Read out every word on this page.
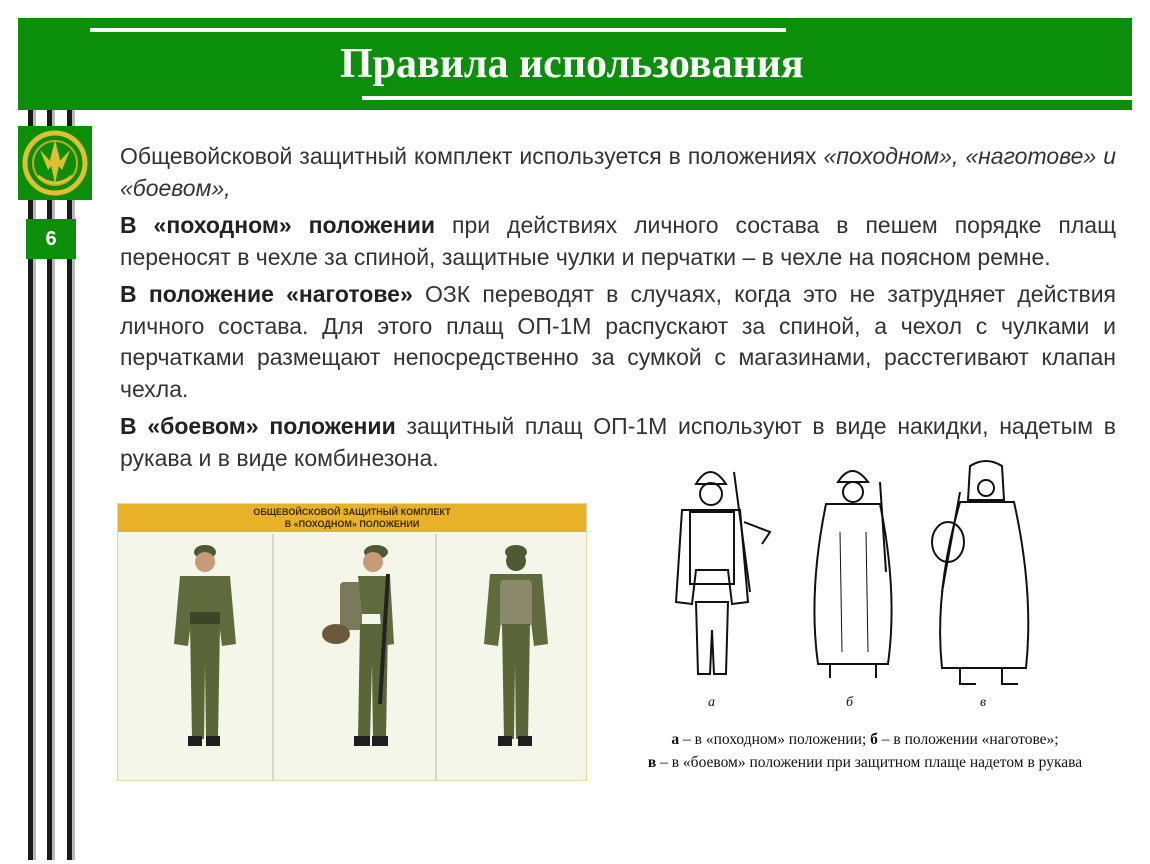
Правила использования
6

Общевойсковой защитный комплект используется в положениях «походном», «наготове» и «боевом»,

В «походном» положении при действиях личного состава в пешем порядке плащ переносят в чехле за спиной, защитные чулки и перчатки – в чехле на поясном ремне.

В положение «наготове» ОЗК переводят в случаях, когда это не затрудняет действия личного состава. Для этого плащ ОП-1М распускают за спиной, а чехол с чулками и перчатками размещают непосредственно за сумкой с магазинами, расстегивают клапан чехла.

В «боевом» положении защитный плащ ОП-1М используют в виде накидки, надетым в рукава и в виде комбинезона.

ОБЩЕВОЙСКОВОЙ ЗАЩИТНЫЙ КОМПЛЕКТ
В «ПОХОДНОМ» ПОЛОЖЕНИИ
а	б	в
а – в «походном» положении; б – в положении «наготове»;
в – в «боевом» положении при защитном плаще надетом в рукава
